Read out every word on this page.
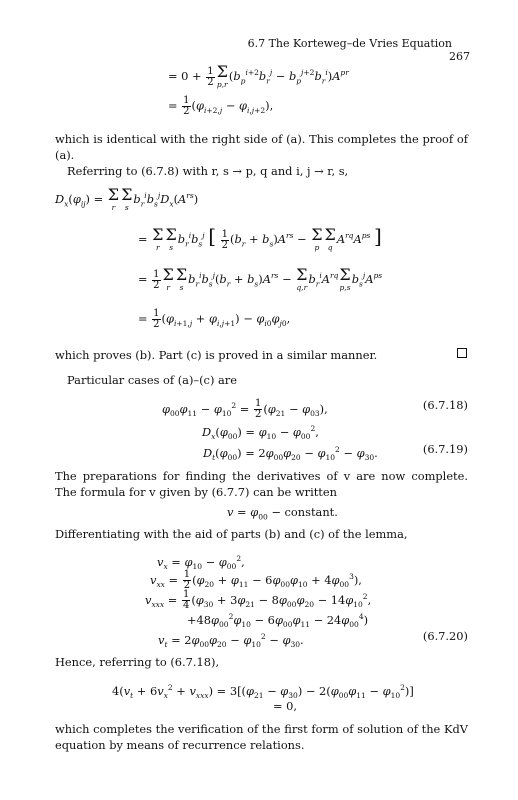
6.7 The Korteweg–de Vries Equation 267
= $0 + \frac{1}{2}$ Σ
p,r
$(b_p^{i+2}b_r^j - b_p^{j+2}b_r^i)A^{pr}$
= $\frac{1}{2} (\varphi_{i+2,j} - \varphi_{i,j+2})$,

which is identical with the right side of (a). This completes the proof of (a).

Referring to (6.7.8) with r, s → p, q and i, j → r, s,

$D_x(\varphi_{ij}) = \Sigma$
r
Σ
s
$b_r^ib_s^jD_x(A^{rs})$
= Σ
r
Σ
s
$b_r^ib_s^j$ [ $\frac{1}{2} (b_r + b_s)A^{rs} - \Sigma$
p
Σ
q
$A^{rq}A^{ps}$ ]
= $\frac{1}{2}$ Σ
r
Σ
s
$b_r^ib_s^j(b_r + b_s)A^{rs} - \Sigma$
q,r
$b_r^iA^{rq}$ Σ
p,s
$b_s^jA^{ps}$
= $\frac{1}{2} (\varphi_{i+1,j} + \varphi_{i,j+1}) - \varphi_{i0}\varphi_{j0}$,

which proves (b). Part (c) is proved in a similar manner.

Particular cases of (a)–(c) are

$\varphi_{00}\varphi_{11} - \varphi_{10}^2 = \frac{1}{2} (\varphi_{21} - \varphi_{03})$,	(6.7.18)
$D_x(\varphi_{00}) = \varphi_{10} - \varphi_{00}^2$,
$D_t(\varphi_{00}) = 2\varphi_{00}\varphi_{20} - \varphi_{10}^2 - \varphi_{30}$.	(6.7.19)

The preparations for finding the derivatives of v are now complete. The formula for v given by (6.7.7) can be written

$v = \varphi_{00}$ − constant.

Differentiating with the aid of parts (b) and (c) of the lemma,

$v_x = \varphi_{10} - \varphi_{00}^2$,
$v_{xx} = \frac{1}{2} (\varphi_{20} + \varphi_{11} - 6\varphi_{00}\varphi_{10} + 4\varphi_{00}^3)$,
$v_{xxx} = \frac{1}{4} (\varphi_{30} + 3\varphi_{21} - 8\varphi_{00}\varphi_{20} - 14\varphi_{10}^2$,
$+48\varphi_{00}^2\varphi_{10} - 6\varphi_{00}\varphi_{11} - 24\varphi_{00}^4$)
$v_t = 2\varphi_{00}\varphi_{20} - \varphi_{10}^2 - \varphi_{30}$.	(6.7.20)

Hence, referring to (6.7.18),

$4(v_t + 6v_x^2 + v_{xxx}) = 3[(\varphi_{21} - \varphi_{30}) - 2(\varphi_{00}\varphi_{11} - \varphi_{10}^2)]$
= 0,

which completes the verification of the first form of solution of the KdV equation by means of recurrence relations.
